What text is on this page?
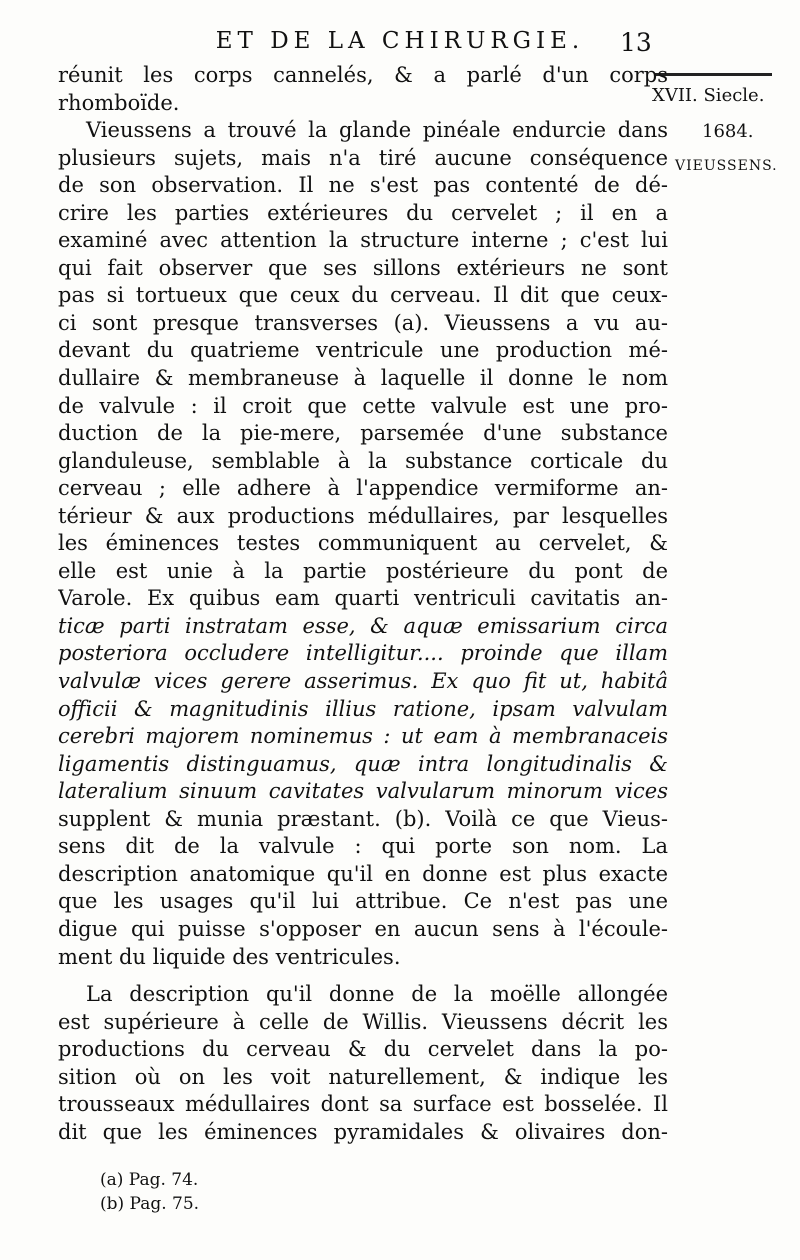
ET DE LA CHIRURGIE.	13
XVII. Siecle.
1684.
VIEUSSENS.
réunit les corps cannelés, & a parlé d'un corps
rhomboïde.
Vieussens a trouvé la glande pinéale endurcie dans
plusieurs sujets, mais n'a tiré aucune conséquence
de son observation. Il ne s'est pas contenté de dé-
crire les parties extérieures du cervelet ; il en a
examiné avec attention la structure interne ; c'est lui
qui fait observer que ses sillons extérieurs ne sont
pas si tortueux que ceux du cerveau. Il dit que ceux-
ci sont presque transverses (a). Vieussens a vu au-
devant du quatrieme ventricule une production mé-
dullaire & membraneuse à laquelle il donne le nom
de valvule : il croit que cette valvule est une pro-
duction de la pie-mere, parsemée d'une substance
glanduleuse, semblable à la substance corticale du
cerveau ; elle adhere à l'appendice vermiforme an-
térieur & aux productions médullaires, par lesquelles
les éminences testes communiquent au cervelet, &
elle est unie à la partie postérieure du pont de
Varole. Ex quibus eam quarti ventriculi cavitatis an-
ticæ parti instratam esse, & aquæ emissarium circa
posteriora occludere intelligitur.... proinde que illam
valvulæ vices gerere asserimus. Ex quo fit ut, habitâ
officii & magnitudinis illius ratione, ipsam valvulam
cerebri majorem nominemus : ut eam à membranaceis
ligamentis distinguamus, quæ intra longitudinalis &
lateralium sinuum cavitates valvularum minorum vices
supplent & munia præstant. (b). Voilà ce que Vieus-
sens dit de la valvule : qui porte son nom. La
description anatomique qu'il en donne est plus exacte
que les usages qu'il lui attribue. Ce n'est pas une
digue qui puisse s'opposer en aucun sens à l'écoule-
ment du liquide des ventricules.
La description qu'il donne de la moëlle allongée
est supérieure à celle de Willis. Vieussens décrit les
productions du cerveau & du cervelet dans la po-
sition où on les voit naturellement, & indique les
trousseaux médullaires dont sa surface est bosselée. Il
dit que les éminences pyramidales & olivaires don-
(a) Pag. 74.
(b) Pag. 75.
